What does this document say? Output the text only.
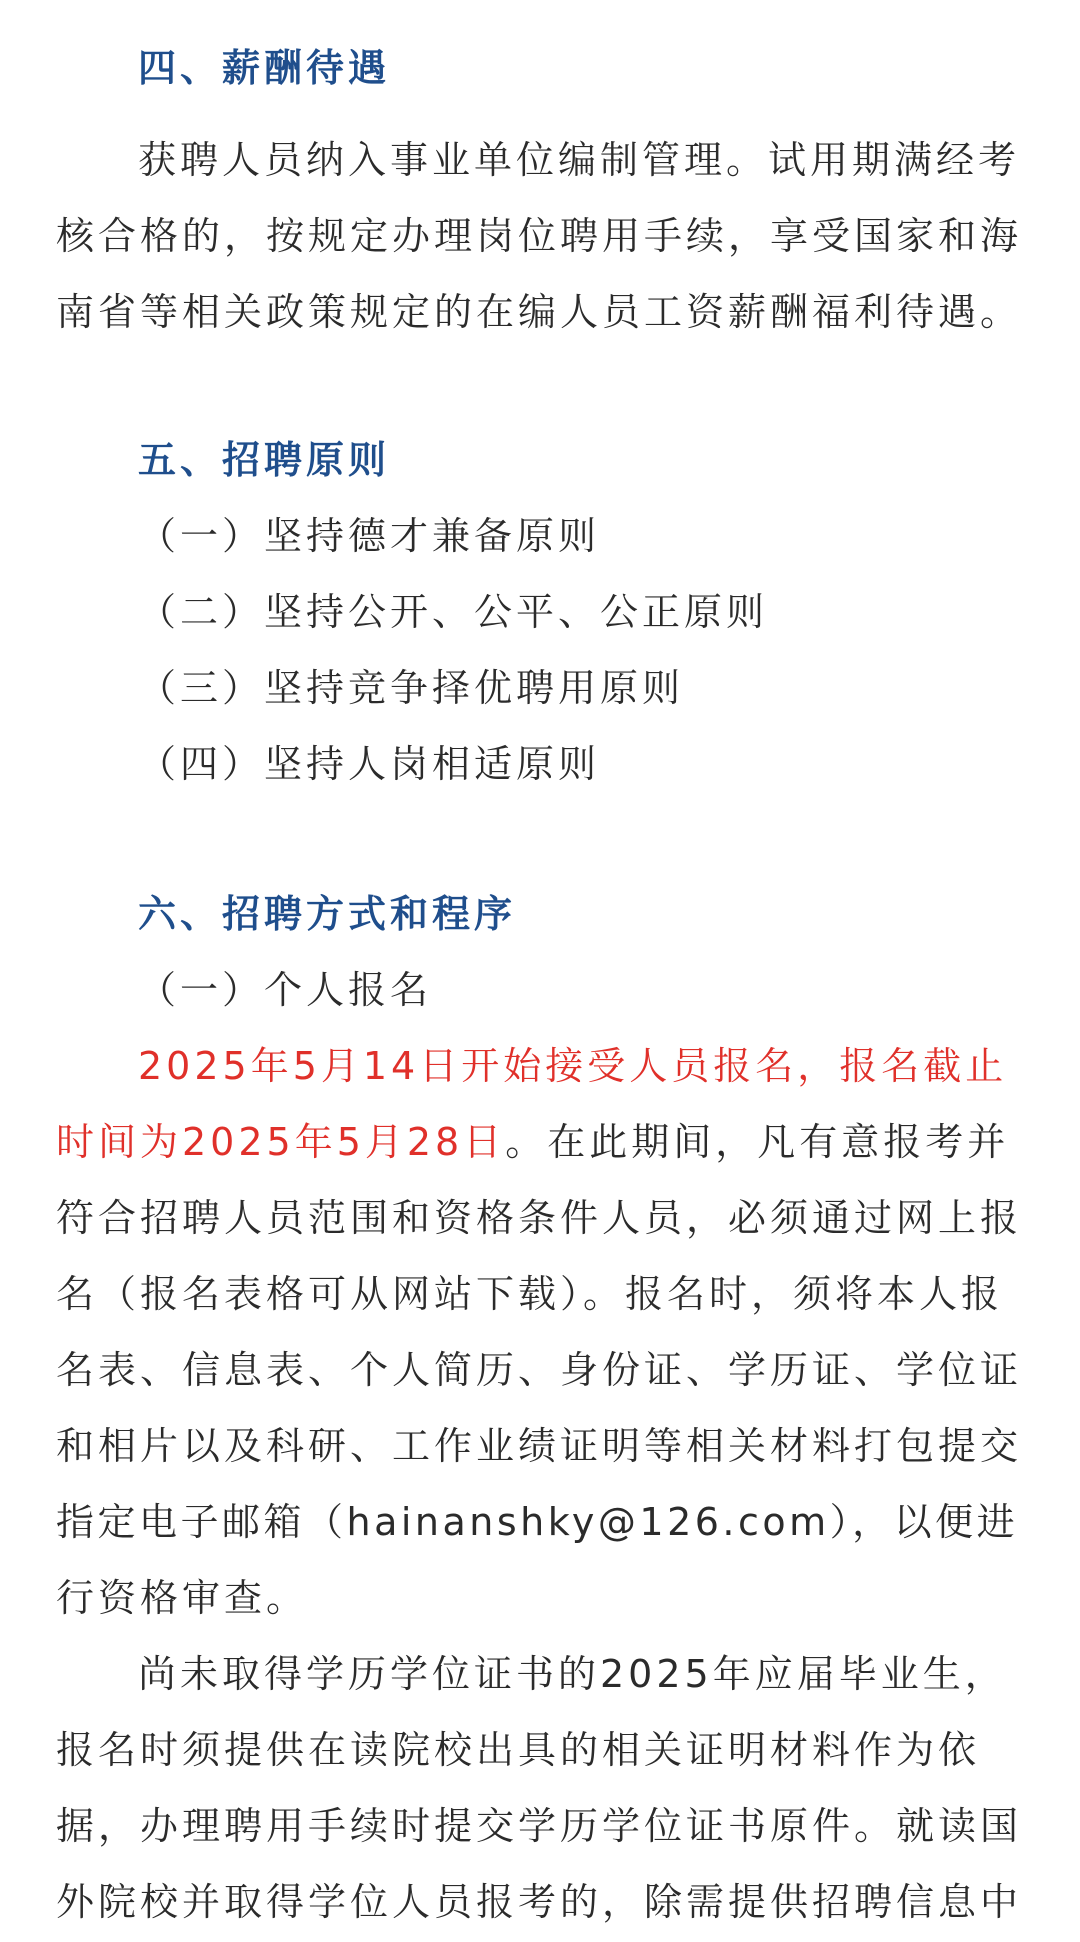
四、薪酬待遇
获聘人员纳入事业单位编制管理。试用期满经考
核合格的，按规定办理岗位聘用手续，享受国家和海
南省等相关政策规定的在编人员工资薪酬福利待遇。
五、招聘原则
（一）坚持德才兼备原则
（二）坚持公开、公平、公正原则
（三）坚持竞争择优聘用原则
（四）坚持人岗相适原则
六、招聘方式和程序
（一）个人报名
2025年5月14日开始接受人员报名，报名截止
时间为2025年5月28日。在此期间，凡有意报考并
符合招聘人员范围和资格条件人员，必须通过网上报
名（报名表格可从网站下载）。报名时，须将本人报
名表、信息表、个人简历、身份证、学历证、学位证
和相片以及科研、工作业绩证明等相关材料打包提交
指定电子邮箱（hainanshky@126.com），以便进
行资格审查。
尚未取得学历学位证书的2025年应届毕业生，
报名时须提供在读院校出具的相关证明材料作为依
据，办理聘用手续时提交学历学位证书原件。就读国
外院校并取得学位人员报考的，除需提供招聘信息中
